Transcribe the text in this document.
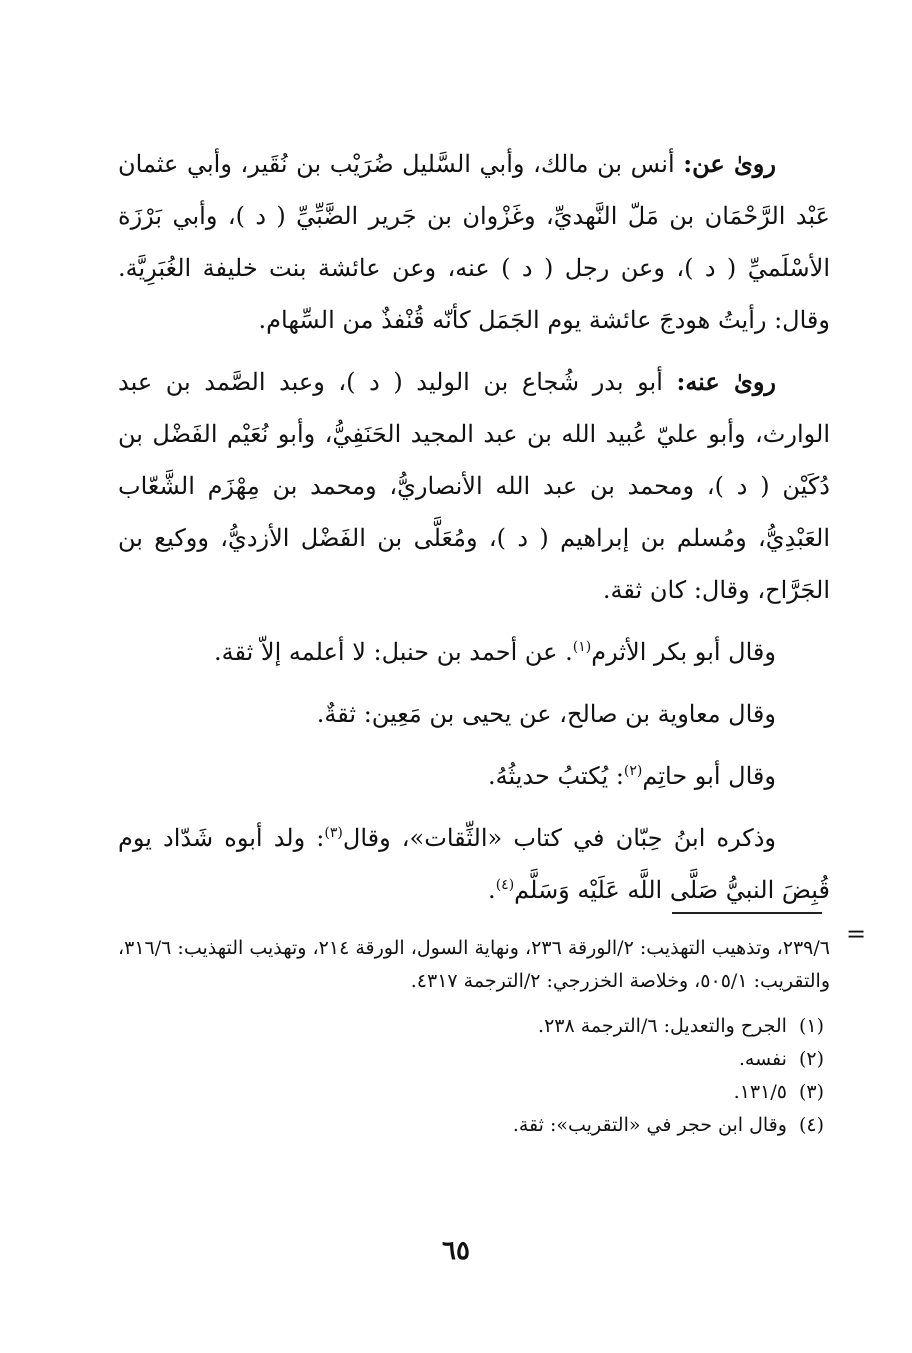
روىٰ عن: أنس بن مالك، وأبي السَّليل ضُرَيْب بن نُقَير، وأبي عثمان عَبْد الرَّحْمَان بن مَلّ النَّهديِّ، وغَزْوان بن جَرير الضَّبِّيِّ ( د )، وأبي بَرْزَة الأسْلَميِّ ( د )، وعن رجل ( د ) عنه، وعن عائشة بنت خليفة الغُبَرِيَّة. وقال: رأيتُ هودجَ عائشة يوم الجَمَل كأنّه قُنْفذٌ من السِّهام.

روىٰ عنه: أبو بدر شُجاع بن الوليد ( د )، وعبد الصَّمد بن عبد الوارث، وأبو عليّ عُبيد الله بن عبد المجيد الحَنَفِيُّ، وأبو نُعَيْم الفَضْل بن دُكَيْن ( د )، ومحمد بن عبد الله الأنصاريُّ، ومحمد بن مِهْزَم الشَّعّاب العَبْدِيُّ، ومُسلم بن إبراهيم ( د )، ومُعَلَّى بن الفَضْل الأزديُّ، ووكيع بن الجَرَّاح، وقال: كان ثقة.

وقال أبو بكر الأثرم$^{(١)}$. عن أحمد بن حنبل: لا أعلمه إلاّ ثقة.

وقال معاوية بن صالح، عن يحيى بن مَعِين: ثقةٌ.

وقال أبو حاتِم$^{(٢)}$: يُكتبُ حديثُهُ.

وذكره ابنُ حِبّان في كتاب «الثِّقات»، وقال$^{(٣)}$: ولد أبوه شَدّاد يوم قُبِضَ النبيُّ صَلَّى اللَّه عَلَيْه وَسَلَّم$^{(٤)}$.

=

٢٣٩/٦، وتذهيب التهذيب: ٢/الورقة ٢٣٦، ونهاية السول، الورقة ٢١٤، وتهذيب التهذيب: ٣١٦/٦، والتقريب: ٥٠٥/١، وخلاصة الخزرجي: ٢/الترجمة ٤٣١٧.

(١)الجرح والتعديل: ٦/الترجمة ٢٣٨.

(٢)نفسه.

(٣)١٣١/٥.

(٤)وقال ابن حجر في «التقريب»: ثقة.

٦٥
